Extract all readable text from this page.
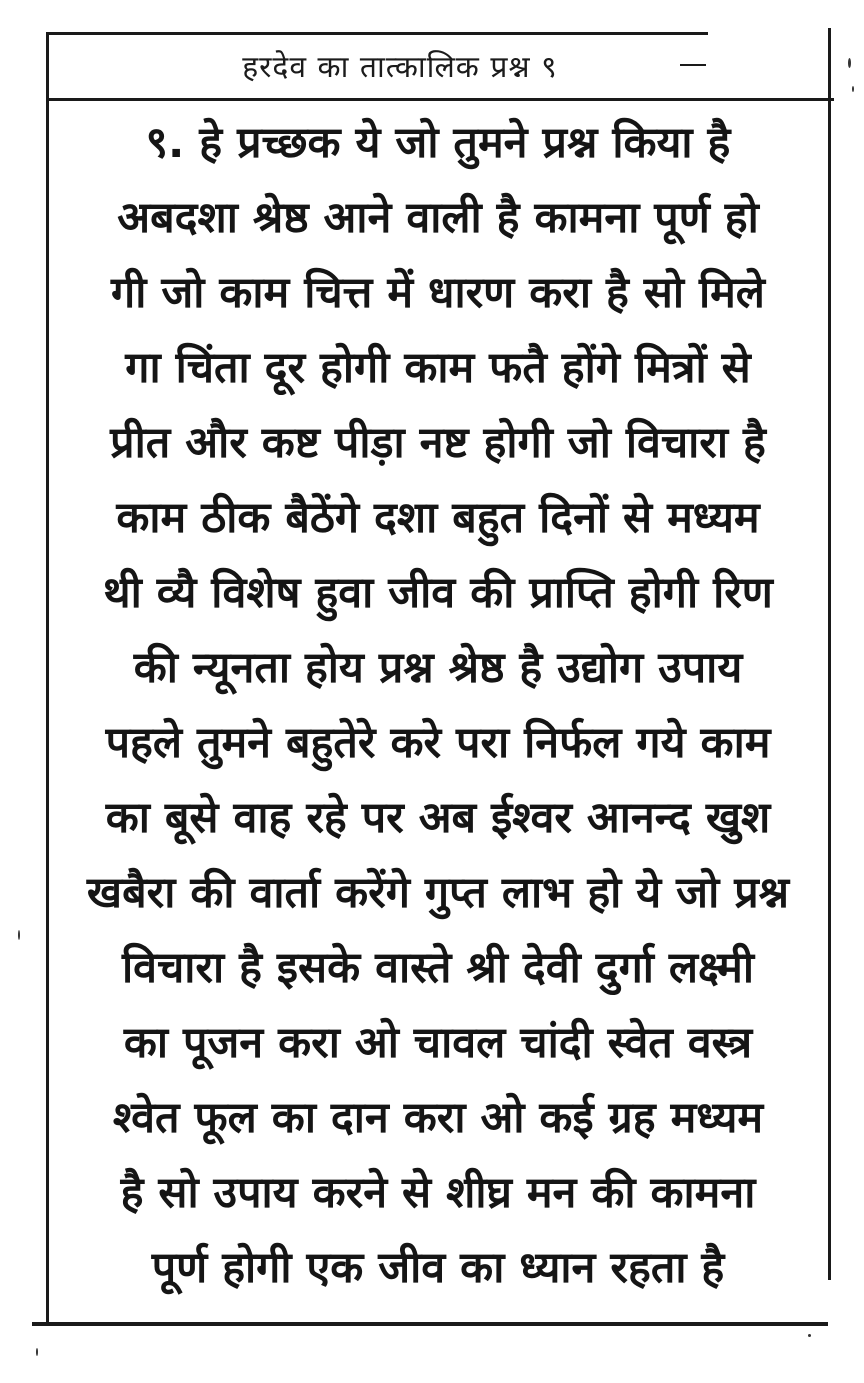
हरदेव का तात्कालिक प्रश्न ९
९. हे प्रच्छक ये जो तुमने प्रश्न किया है
अबदशा श्रेष्ठ आने वाली है कामना पूर्ण हो
गी जो काम चित्त में धारण करा है सो मिले
गा चिंता दूर होगी काम फतै होंगे मित्रों से
प्रीत और कष्ट पीड़ा नष्ट होगी जो विचारा है
काम ठीक बैठेंगे दशा बहुत दिनों से मध्यम
थी व्यै विशेष हुवा जीव की प्राप्ति होगी रिण
की न्यूनता होय प्रश्न श्रेष्ठ है उद्योग उपाय
पहले तुमने बहुतेरे करे परा निर्फल गये काम
का बूसे वाह रहे पर अब ईश्वर आनन्द खुश
खबैरा की वार्ता करेंगे गुप्त लाभ हो ये जो प्रश्न
विचारा है इसके वास्ते श्री देवी दुर्गा लक्ष्मी
का पूजन करा ओ चावल चांदी स्वेत वस्त्र
श्वेत फूल का दान करा ओ कई ग्रह मध्यम
है सो उपाय करने से शीघ्र मन की कामना
पूर्ण होगी एक जीव का ध्यान रहता है
